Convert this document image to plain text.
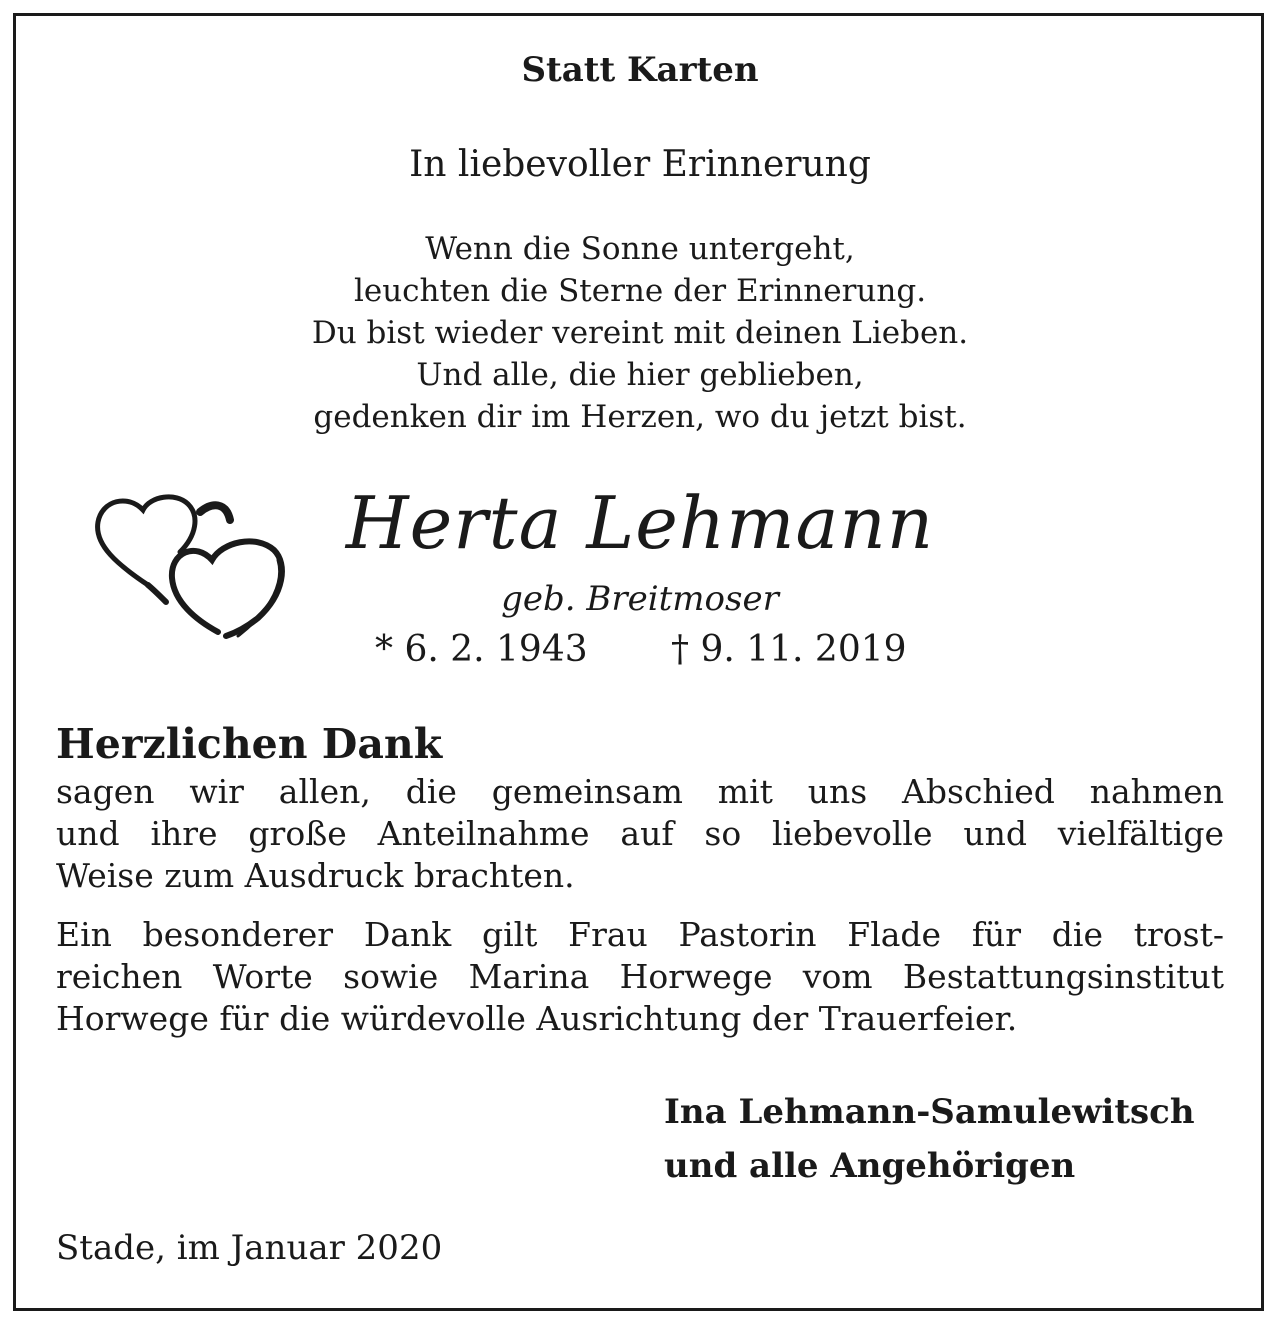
Statt Karten

In liebevoller Erinnerung

Wenn die Sonne untergeht,
leuchten die Sterne der Erinnerung.
Du bist wieder vereint mit deinen Lieben.
Und alle, die hier geblieben,
gedenken dir im Herzen, wo du jetzt bist.

Herta Lehmann

geb. Breitmoser

* 6. 2. 1943 † 9. 11. 2019

Herzlichen Dank

sagen wir allen, die gemeinsam mit uns Abschied nahmen
und ihre große Anteilnahme auf so liebevolle und vielfältige
Weise zum Ausdruck brachten.
Ein besonderer Dank gilt Frau Pastorin Flade für die trost-
reichen Worte sowie Marina Horwege vom Bestattungsinstitut
Horwege für die würdevolle Ausrichtung der Trauerfeier.
Ina Lehmann-Samulewitsch
und alle Angehörigen

Stade, im Januar 2020
